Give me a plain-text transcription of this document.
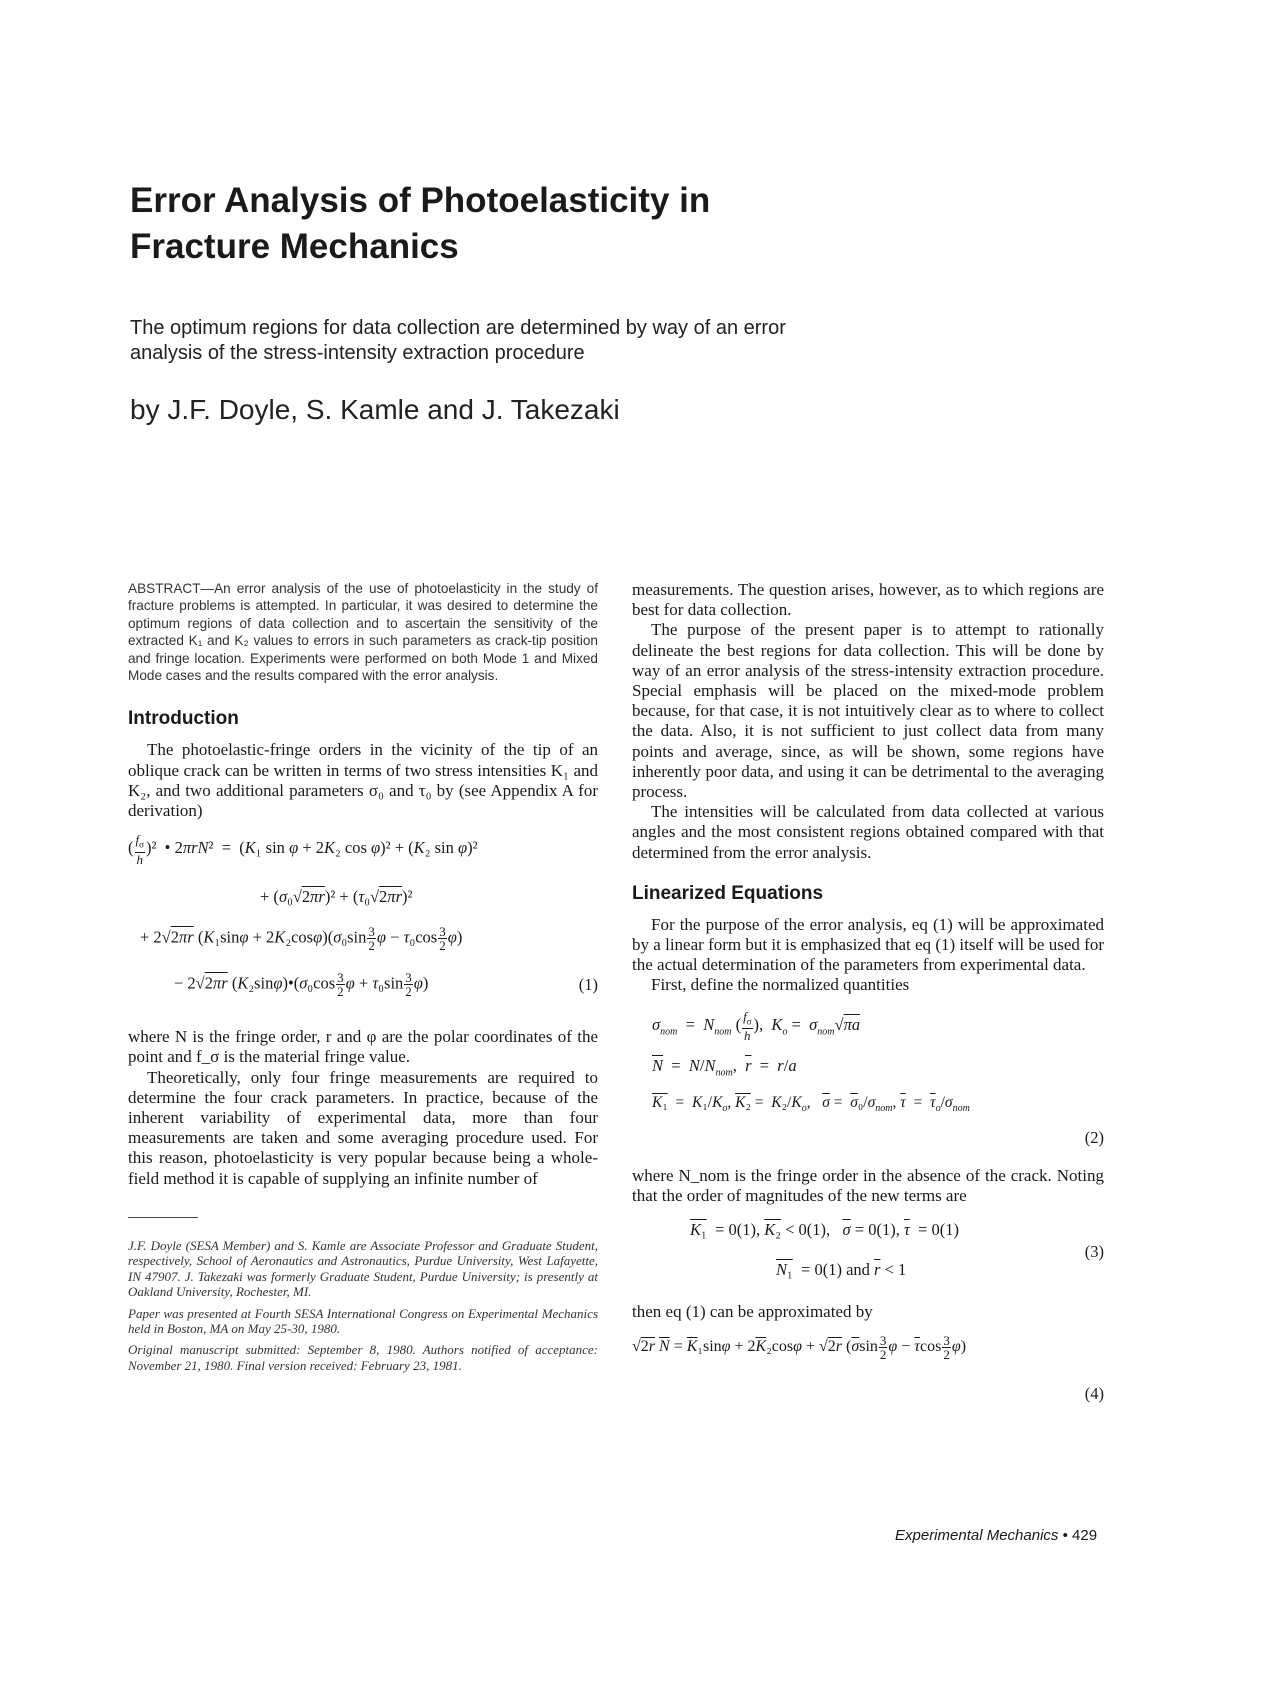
Error Analysis of Photoelasticity in
Fracture Mechanics

The optimum regions for data collection are determined by way of an error analysis of the stress-intensity extraction procedure

by J.F. Doyle, S. Kamle and J. Takezaki

ABSTRACT—An error analysis of the use of photoelasticity in the study of fracture problems is attempted. In particular, it was desired to determine the optimum regions of data collection and to ascertain the sensitivity of the extracted K₁ and K₂ values to errors in such parameters as crack-tip position and fringe location. Experiments were performed on both Mode 1 and Mixed Mode cases and the results compared with the error analysis.

Introduction

The photoelastic-fringe orders in the vicinity of the tip of an oblique crack can be written in terms of two stress intensities K₁ and K₂, and two additional parameters σ₀ and τ₀ by (see Appendix A for derivation)

( $\frac{f_\sigma}{h} )^2$  • 2πrN²  =  (K₁ sin φ + 2K₂ cos φ)² + (K₂ sin φ)²
+ (σ₀√2πr)² + (τ₀√2πr)²
+ 2√2πr $(K_1\sin\varphi + 2K_2\cos\varphi)(\sigma_0\sin \frac{3}{2}$ $\varphi - \tau_0\cos \frac{3}{2} \varphi$)
− 2√2πr (K₂sinφ)•(σ₀cos $\frac{3}{2}$ $\varphi + \tau_0\sin \frac{3}{2} \varphi$)	(1)

where N is the fringe order, r and φ are the polar coordinates of the point and f_σ is the material fringe value.

Theoretically, only four fringe measurements are required to determine the four crack parameters. In practice, because of the inherent variability of experimental data, more than four measurements are taken and some averaging procedure used. For this reason, photoelasticity is very popular because being a whole-field method it is capable of supplying an infinite number of

J.F. Doyle (SESA Member) and S. Kamle are Associate Professor and Graduate Student, respectively, School of Aeronautics and Astronautics, Purdue University, West Lafayette, IN 47907. J. Takezaki was formerly Graduate Student, Purdue University; is presently at Oakland University, Rochester, MI.

Paper was presented at Fourth SESA International Congress on Experimental Mechanics held in Boston, MA on May 25-30, 1980.

Original manuscript submitted: September 8, 1980. Authors notified of acceptance: November 21, 1980. Final version received: February 23, 1981.

measurements. The question arises, however, as to which regions are best for data collection.

The purpose of the present paper is to attempt to rationally delineate the best regions for data collection. This will be done by way of an error analysis of the stress-intensity extraction procedure. Special emphasis will be placed on the mixed-mode problem because, for that case, it is not intuitively clear as to where to collect the data. Also, it is not sufficient to just collect data from many points and average, since, as will be shown, some regions have inherently poor data, and using it can be detrimental to the averaging process.

The intensities will be calculated from data collected at various angles and the most consistent regions obtained compared with that determined from the error analysis.

Linearized Equations

For the purpose of the error analysis, eq (1) will be approximated by a linear form but it is emphasized that eq (1) itself will be used for the actual determination of the parameters from experimental data.

First, define the normalized quantities

$\sigma_{nom} = N_{nom}$ ( $\frac{f_\sigma}{h}$ ),  $K_o = \sigma_{nom}√\pi a$
$\overline{N} = N/N_{nom}$,  $\overline{r} = r/a$
$K_1 = K_1/K_o$, $K_2 = K_2/K_o$,   $\overline{\sigma} = \overline{\sigma}_0/\sigma_{nom}$, $\overline{\tau} = \overline{\tau}_o/\sigma_{nom}$
(2)

where N_nom is the fringe order in the absence of the crack. Noting that the order of magnitudes of the new terms are

K₁  = 0(1), K₂ < 0(1),   $\overline{\sigma} = 0(1)$, $\overline{\tau} = 0(1)$
N₁  = 0(1) and $\overline{r} < 1$
(3)

then eq (1) can be approximated by

√2r $\overline{N} = \overline{K}_1\sin\varphi + 2\overline{K}_2\cos\varphi + √2r$ ($\overline{\sigma}\sin \frac{3}{2}$ $\varphi - \overline{\tau}\cos \frac{3}{2} \varphi$)
(4)
Experimental Mechanics • 429
